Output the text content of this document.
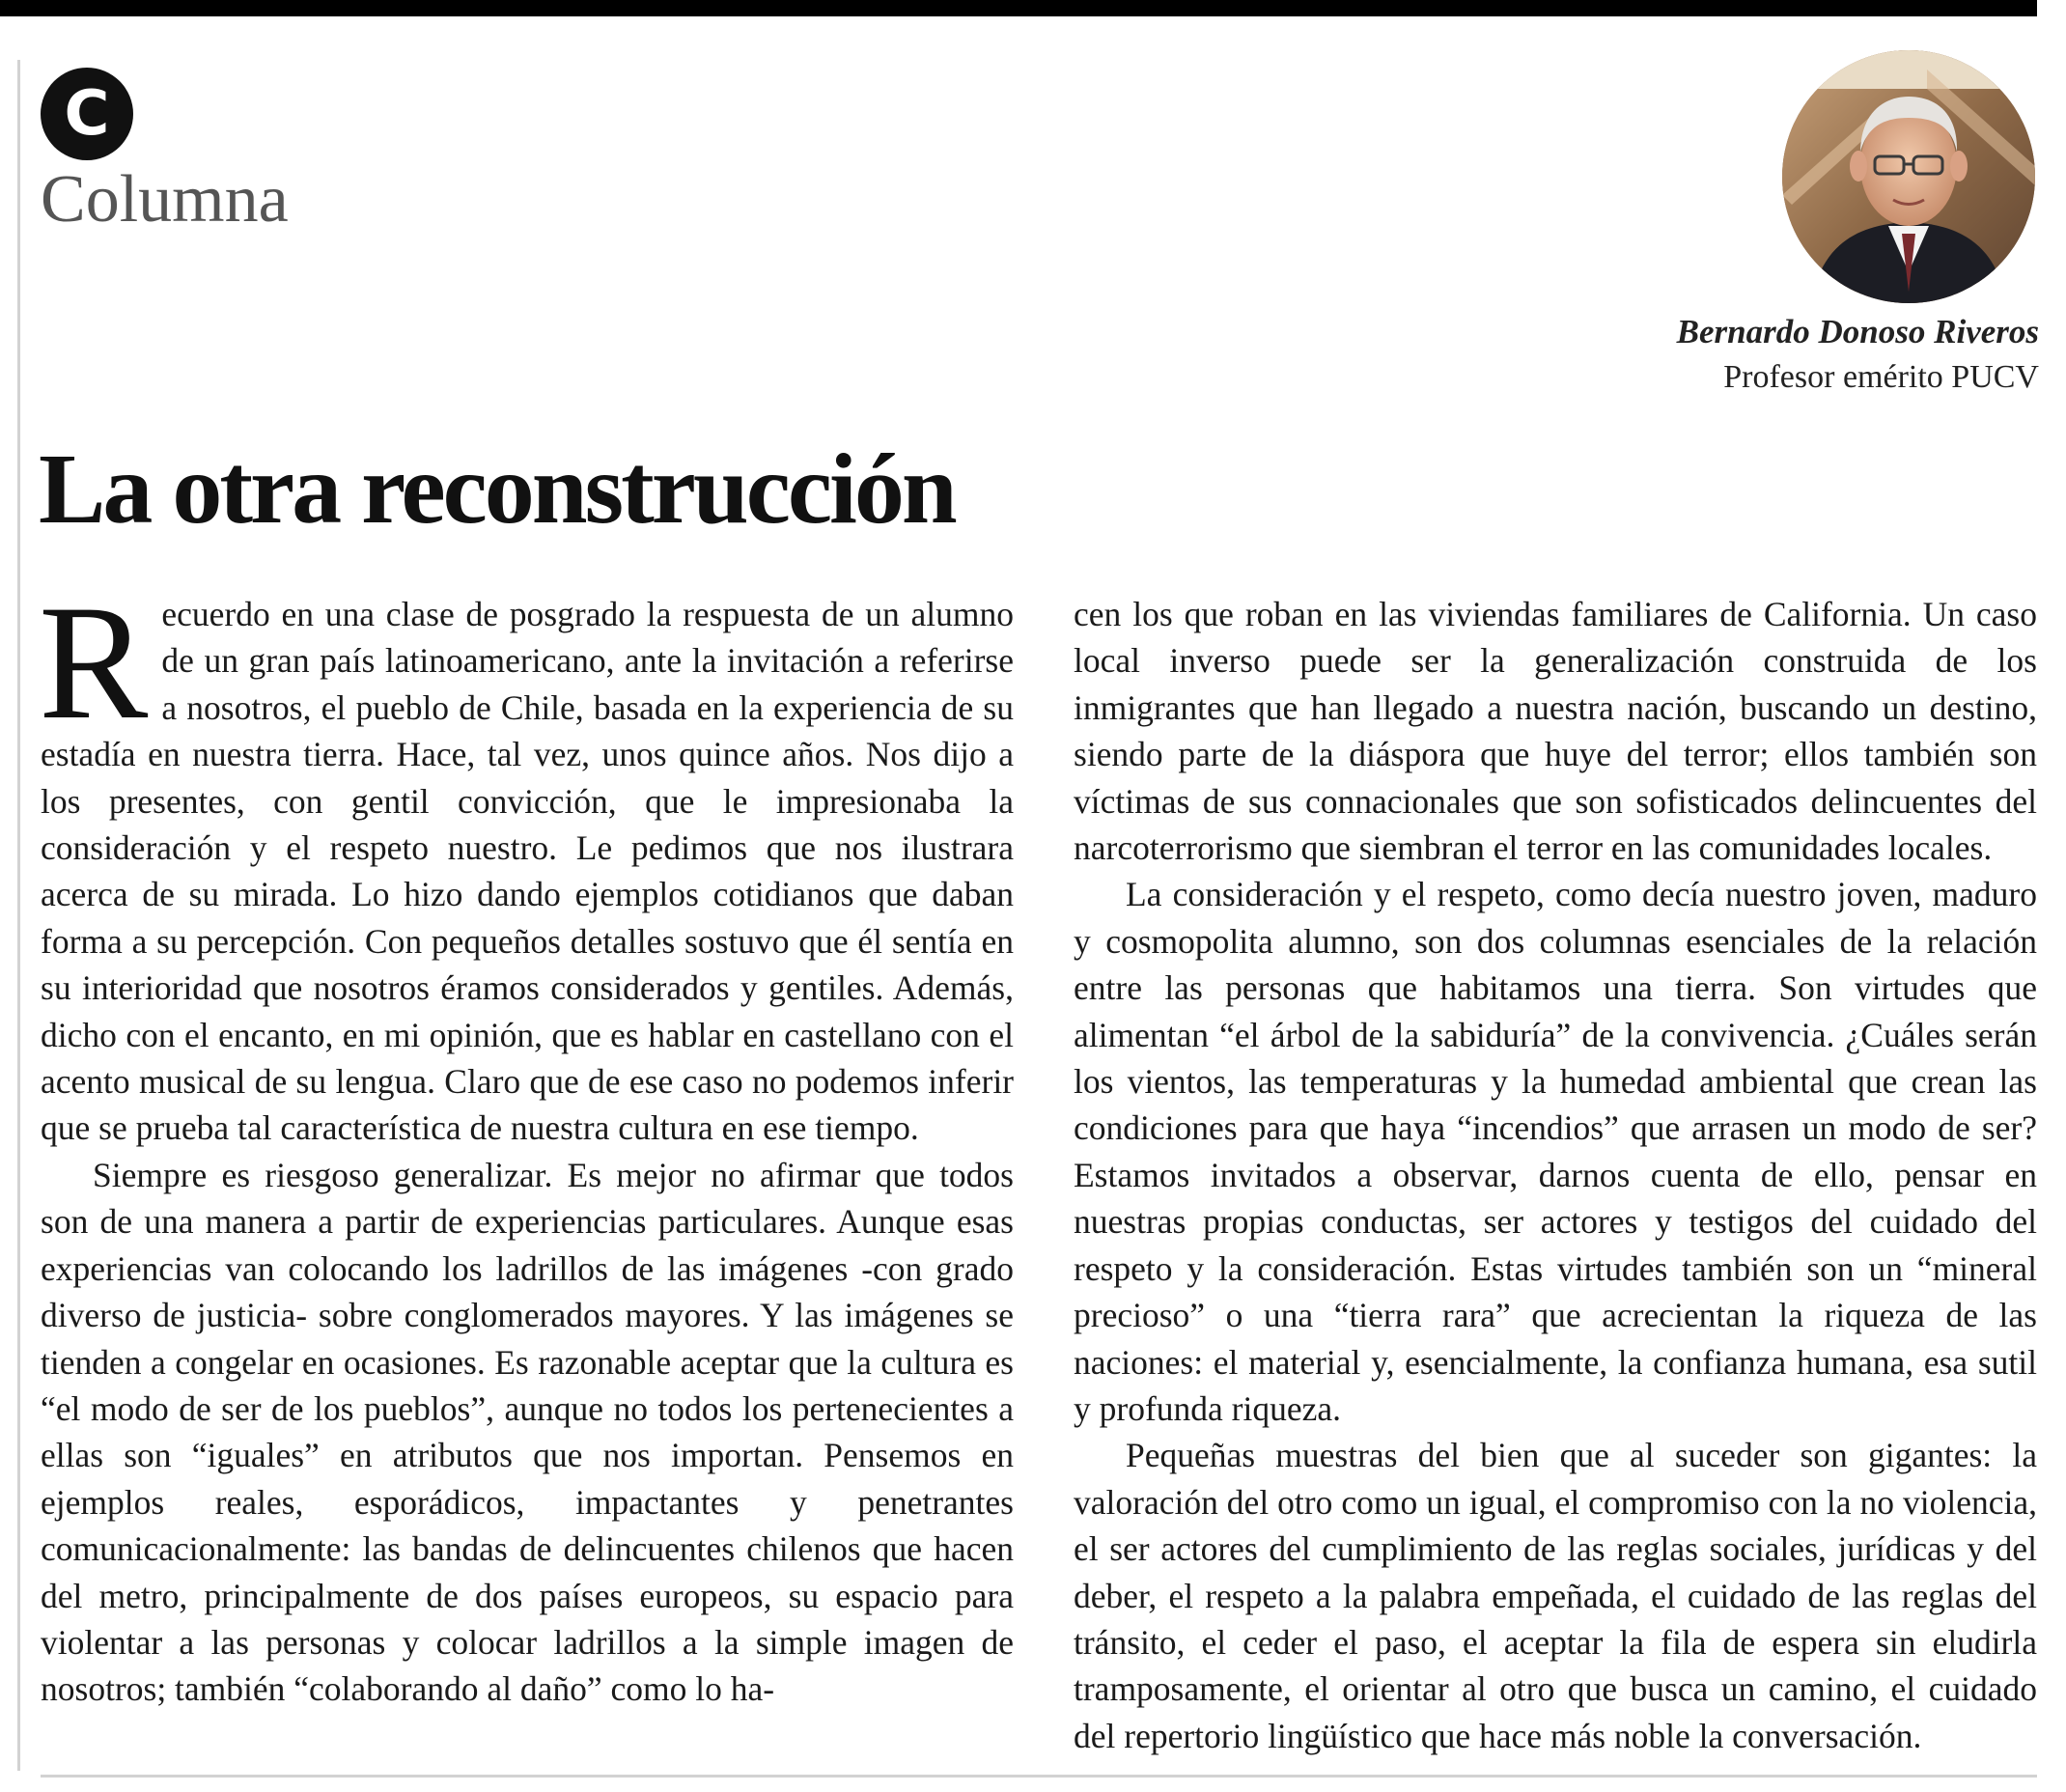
C
Columna
Bernardo Donoso Riveros
Profesor emérito PUCV
La otra reconstrucción

Recuerdo en una clase de posgrado la respuesta de un alumno de un gran país latinoamericano, ante la invitación a referirse a nosotros, el pueblo de Chile, basada en la experiencia de su estadía en nuestra tierra. Hace, tal vez, unos quince años. Nos dijo a los presentes, con gentil convicción, que le impresionaba la consideración y el respeto nuestro. Le pedimos que nos ilustrara acerca de su mirada. Lo hizo dando ejemplos cotidianos que daban forma a su percepción. Con pequeños detalles sostuvo que él sentía en su interioridad que nosotros éramos considerados y gentiles. Además, dicho con el encanto, en mi opinión, que es hablar en castellano con el acento musical de su lengua. Claro que de ese caso no podemos inferir que se prueba tal característica de nuestra cultura en ese tiempo.

Siempre es riesgoso generalizar. Es mejor no afirmar que todos son de una manera a partir de experiencias particulares. Aunque esas experiencias van colocando los ladrillos de las imágenes -con grado diverso de justicia- sobre conglomerados mayores. Y las imágenes se tienden a congelar en ocasiones. Es razonable aceptar que la cultura es “el modo de ser de los pueblos”, aunque no todos los pertenecientes a ellas son “iguales” en atributos que nos importan. Pensemos en ejemplos reales, esporádicos, impactantes y penetrantes comunicacionalmente: las bandas de delincuentes chilenos que hacen del metro, principalmente de dos países europeos, su espacio para violentar a las personas y colocar ladrillos a la simple imagen de nosotros; también “colaborando al daño” como lo ha-

cen los que roban en las viviendas familiares de California. Un caso local inverso puede ser la generalización construida de los inmigrantes que han llegado a nuestra nación, buscando un destino, siendo parte de la diáspora que huye del terror; ellos también son víctimas de sus connacionales que son sofisticados delincuentes del narcoterrorismo que siembran el terror en las comunidades locales.

La consideración y el respeto, como decía nuestro joven, maduro y cosmopolita alumno, son dos columnas esenciales de la relación entre las personas que habitamos una tierra. Son virtudes que alimentan “el árbol de la sabiduría” de la convivencia. ¿Cuáles serán los vientos, las temperaturas y la humedad ambiental que crean las condiciones para que haya “incendios” que arrasen un modo de ser? Estamos invitados a observar, darnos cuenta de ello, pensar en nuestras propias conductas, ser actores y testigos del cuidado del respeto y la consideración. Estas virtudes también son un “mineral precioso” o una “tierra rara” que acrecientan la riqueza de las naciones: el material y, esencialmente, la confianza humana, esa sutil y profunda riqueza.

Pequeñas muestras del bien que al suceder son gigantes: la valoración del otro como un igual, el compromiso con la no violencia, el ser actores del cumplimiento de las reglas sociales, jurídicas y del deber, el respeto a la palabra empeñada, el cuidado de las reglas del tránsito, el ceder el paso, el aceptar la fila de espera sin eludirla tramposamente, el orientar al otro que busca un camino, el cuidado del repertorio lingüístico que hace más noble la conversación.
